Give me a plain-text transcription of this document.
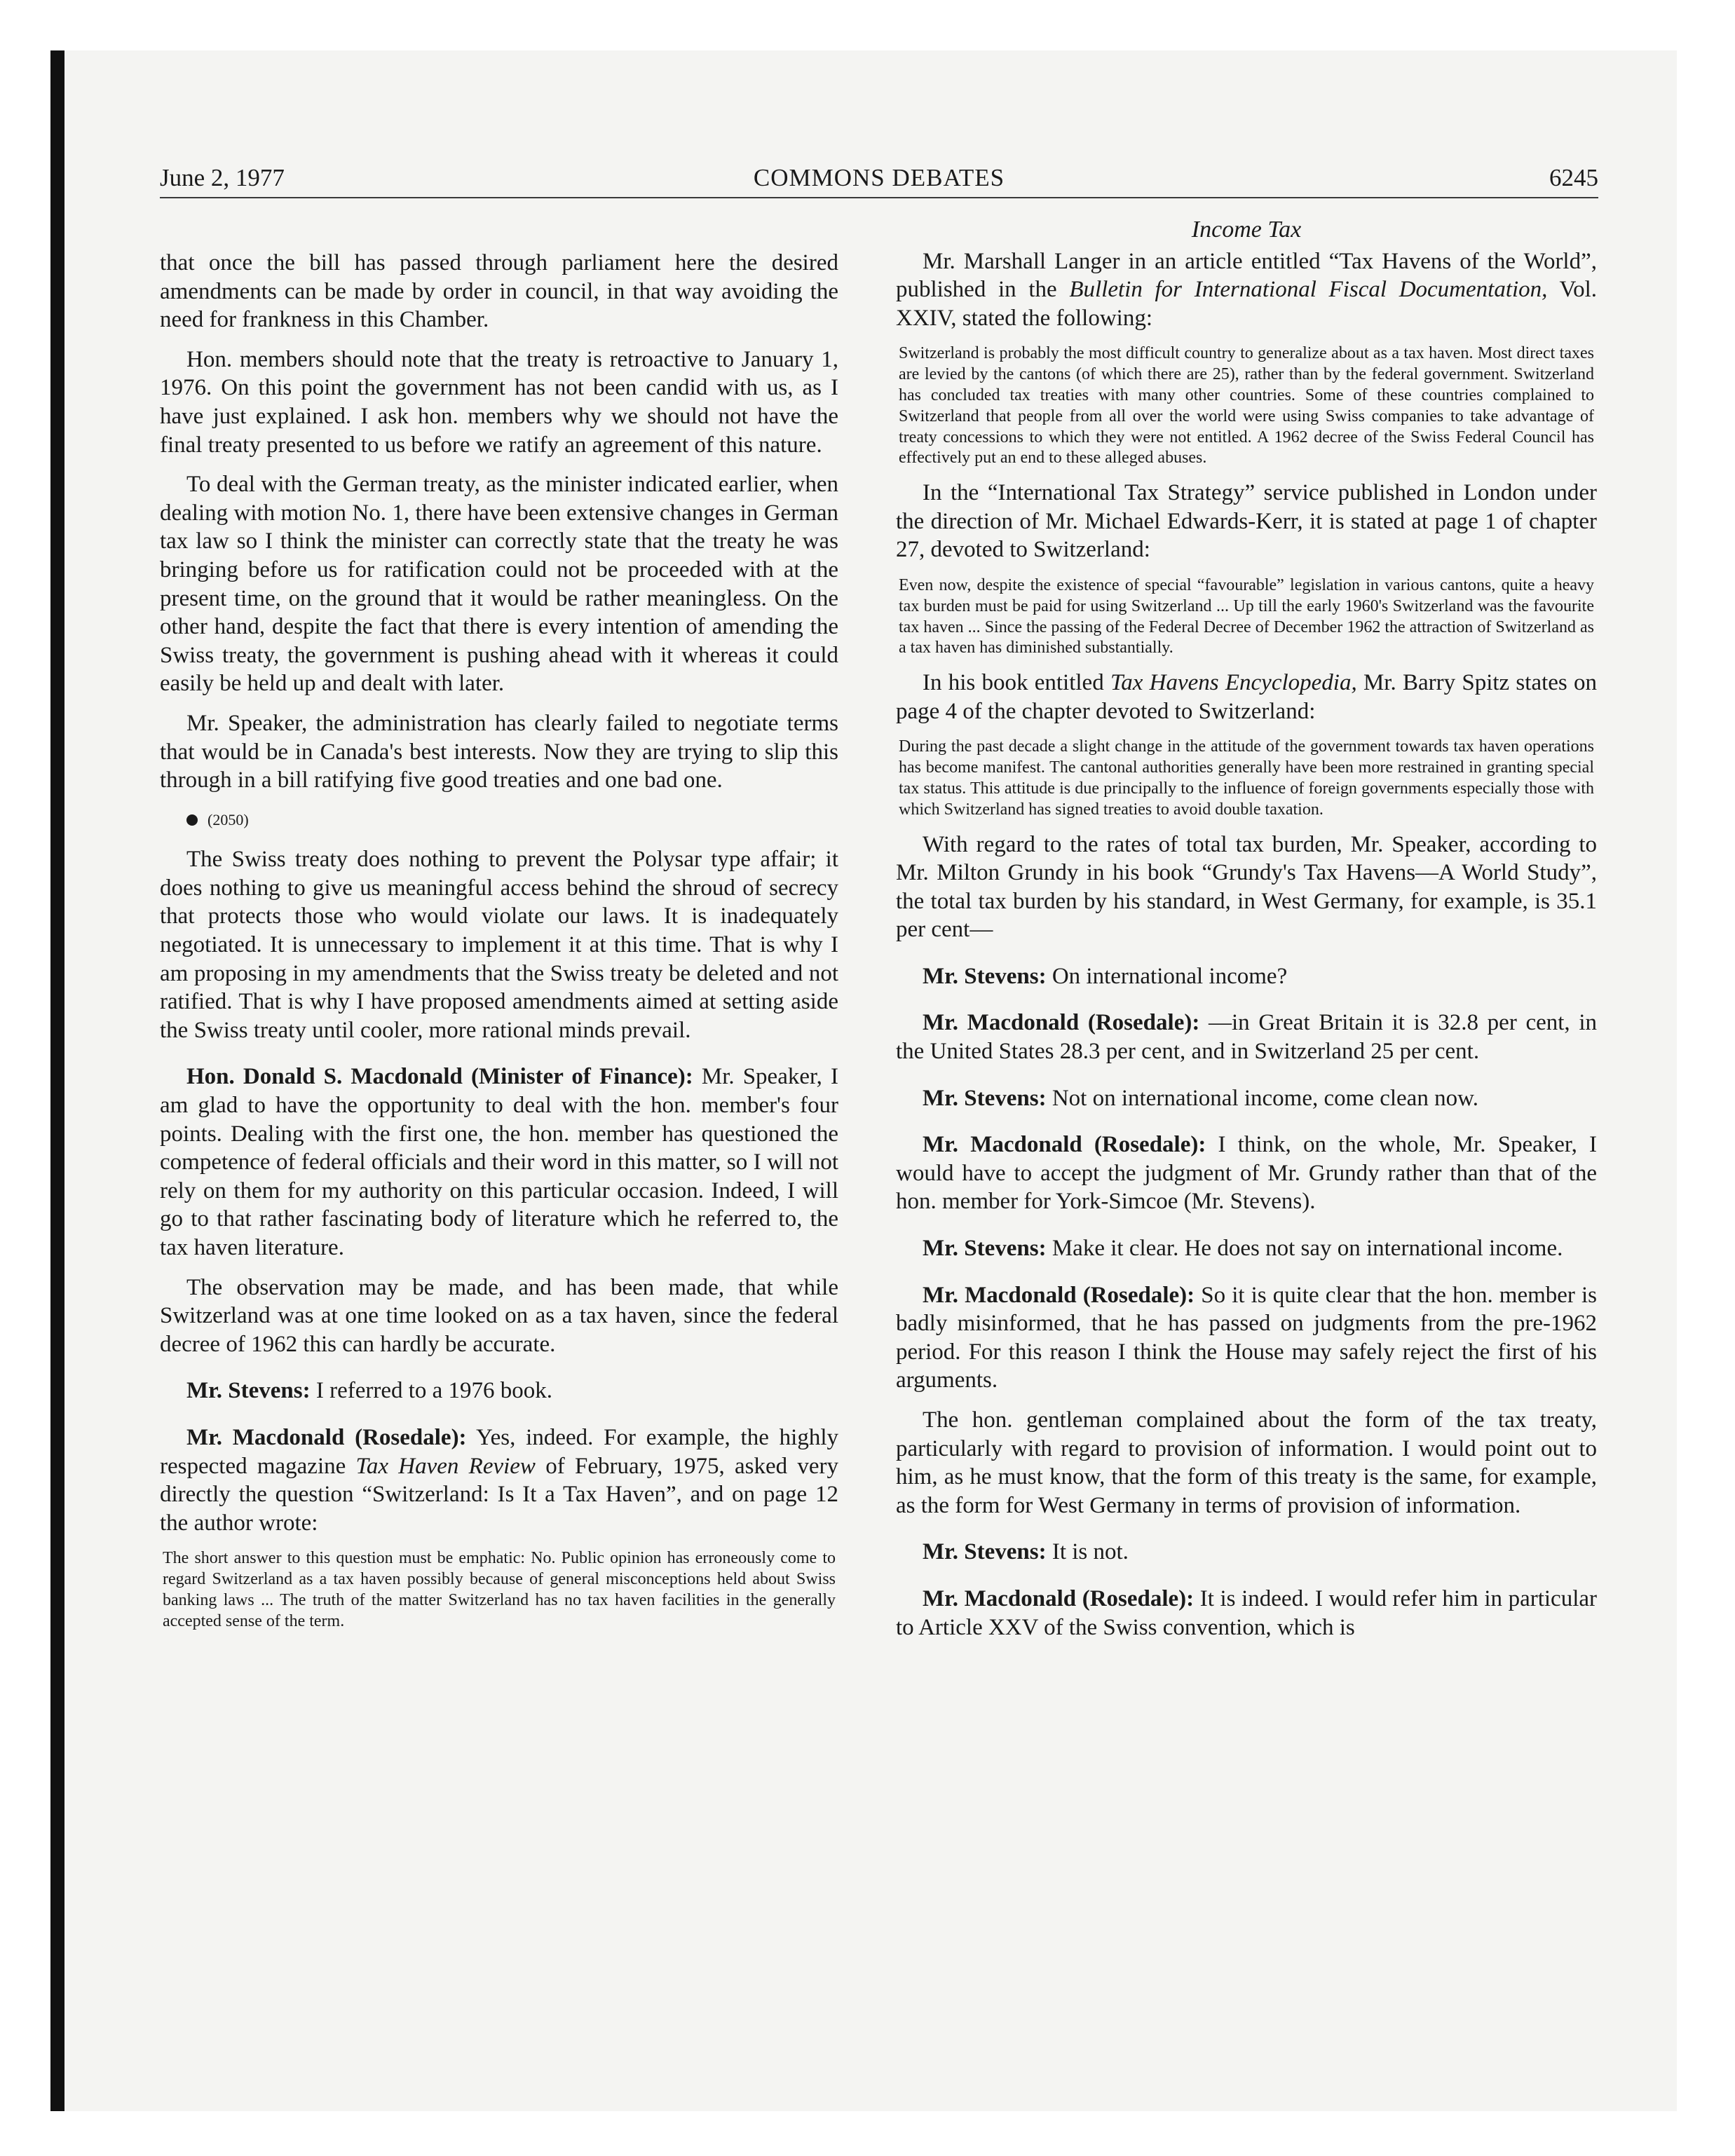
June 2, 1977	COMMONS DEBATES	6245

that once the bill has passed through parliament here the desired amendments can be made by order in council, in that way avoiding the need for frankness in this Chamber.

Hon. members should note that the treaty is retroactive to January 1, 1976. On this point the government has not been candid with us, as I have just explained. I ask hon. members why we should not have the final treaty presented to us before we ratify an agreement of this nature.

To deal with the German treaty, as the minister indicated earlier, when dealing with motion No. 1, there have been extensive changes in German tax law so I think the minister can correctly state that the treaty he was bringing before us for ratification could not be proceeded with at the present time, on the ground that it would be rather meaningless. On the other hand, despite the fact that there is every intention of amending the Swiss treaty, the government is pushing ahead with it whereas it could easily be held up and dealt with later.

Mr. Speaker, the administration has clearly failed to negotiate terms that would be in Canada's best interests. Now they are trying to slip this through in a bill ratifying five good treaties and one bad one.

(2050)

The Swiss treaty does nothing to prevent the Polysar type affair; it does nothing to give us meaningful access behind the shroud of secrecy that protects those who would violate our laws. It is inadequately negotiated. It is unnecessary to implement it at this time. That is why I am proposing in my amendments that the Swiss treaty be deleted and not ratified. That is why I have proposed amendments aimed at setting aside the Swiss treaty until cooler, more rational minds prevail.

Hon. Donald S. Macdonald (Minister of Finance): Mr. Speaker, I am glad to have the opportunity to deal with the hon. member's four points. Dealing with the first one, the hon. member has questioned the competence of federal officials and their word in this matter, so I will not rely on them for my authority on this particular occasion. Indeed, I will go to that rather fascinating body of literature which he referred to, the tax haven literature.

The observation may be made, and has been made, that while Switzerland was at one time looked on as a tax haven, since the federal decree of 1962 this can hardly be accurate.

Mr. Stevens: I referred to a 1976 book.

Mr. Macdonald (Rosedale): Yes, indeed. For example, the highly respected magazine Tax Haven Review of February, 1975, asked very directly the question “Switzerland: Is It a Tax Haven”, and on page 12 the author wrote:

The short answer to this question must be emphatic: No. Public opinion has erroneously come to regard Switzerland as a tax haven possibly because of general misconceptions held about Swiss banking laws ... The truth of the matter Switzerland has no tax haven facilities in the generally accepted sense of the term.

Income Tax

Mr. Marshall Langer in an article entitled “Tax Havens of the World”, published in the Bulletin for International Fiscal Documentation, Vol. XXIV, stated the following:

Switzerland is probably the most difficult country to generalize about as a tax haven. Most direct taxes are levied by the cantons (of which there are 25), rather than by the federal government. Switzerland has concluded tax treaties with many other countries. Some of these countries complained to Switzerland that people from all over the world were using Swiss companies to take advantage of treaty concessions to which they were not entitled. A 1962 decree of the Swiss Federal Council has effectively put an end to these alleged abuses.

In the “International Tax Strategy” service published in London under the direction of Mr. Michael Edwards-Kerr, it is stated at page 1 of chapter 27, devoted to Switzerland:

Even now, despite the existence of special “favourable” legislation in various cantons, quite a heavy tax burden must be paid for using Switzerland ... Up till the early 1960's Switzerland was the favourite tax haven ... Since the passing of the Federal Decree of December 1962 the attraction of Switzerland as a tax haven has diminished substantially.

In his book entitled Tax Havens Encyclopedia, Mr. Barry Spitz states on page 4 of the chapter devoted to Switzerland:

During the past decade a slight change in the attitude of the government towards tax haven operations has become manifest. The cantonal authorities generally have been more restrained in granting special tax status. This attitude is due principally to the influence of foreign governments especially those with which Switzerland has signed treaties to avoid double taxation.

With regard to the rates of total tax burden, Mr. Speaker, according to Mr. Milton Grundy in his book “Grundy's Tax Havens—A World Study”, the total tax burden by his standard, in West Germany, for example, is 35.1 per cent—

Mr. Stevens: On international income?

Mr. Macdonald (Rosedale): —in Great Britain it is 32.8 per cent, in the United States 28.3 per cent, and in Switzerland 25 per cent.

Mr. Stevens: Not on international income, come clean now.

Mr. Macdonald (Rosedale): I think, on the whole, Mr. Speaker, I would have to accept the judgment of Mr. Grundy rather than that of the hon. member for York-Simcoe (Mr. Stevens).

Mr. Stevens: Make it clear. He does not say on international income.

Mr. Macdonald (Rosedale): So it is quite clear that the hon. member is badly misinformed, that he has passed on judgments from the pre-1962 period. For this reason I think the House may safely reject the first of his arguments.

The hon. gentleman complained about the form of the tax treaty, particularly with regard to provision of information. I would point out to him, as he must know, that the form of this treaty is the same, for example, as the form for West Germany in terms of provision of information.

Mr. Stevens: It is not.

Mr. Macdonald (Rosedale): It is indeed. I would refer him in particular to Article XXV of the Swiss convention, which is
